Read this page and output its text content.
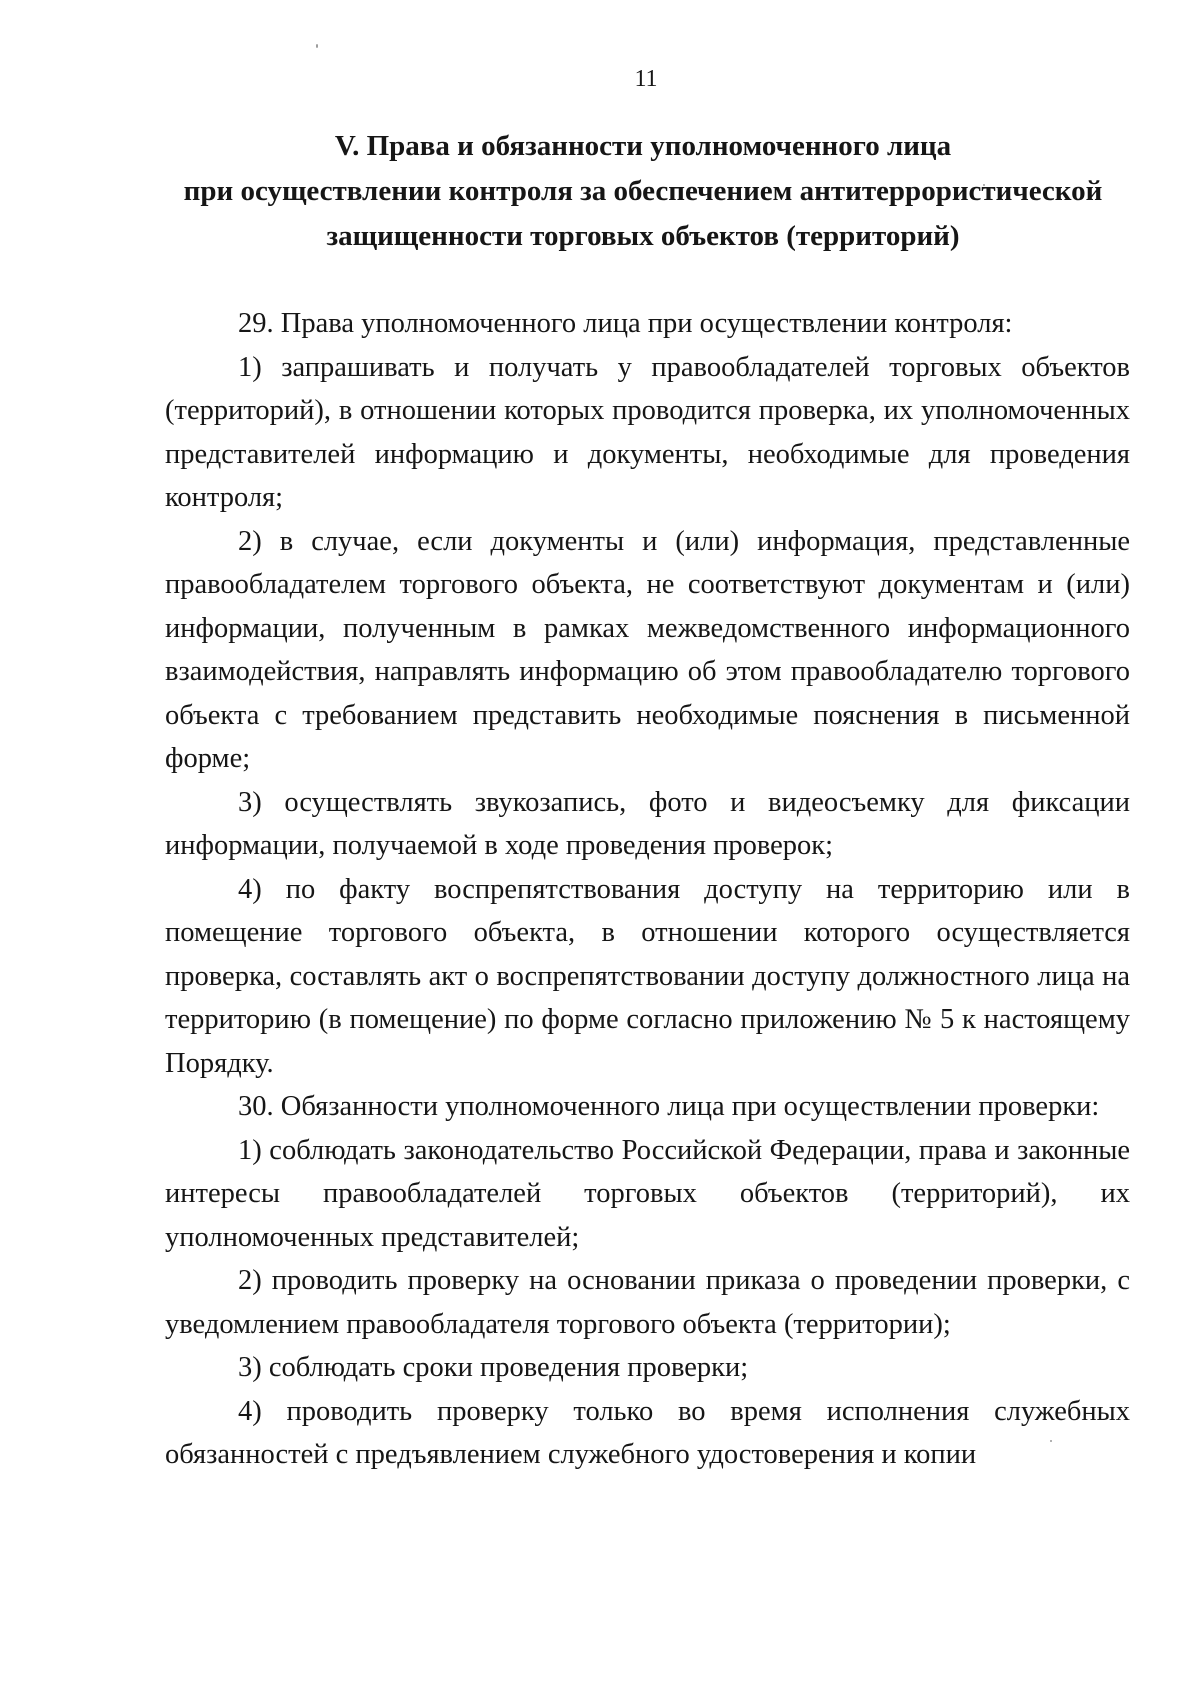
11
V. Права и обязанности уполномоченного лица
при осуществлении контроля за обеспечением антитеррористической
защищенности торговых объектов (территорий)

29. Права уполномоченного лица при осуществлении контроля:

1) запрашивать и получать у правообладателей торговых объектов (территорий), в отношении которых проводится проверка, их уполномоченных представителей информацию и документы, необходимые для проведения контроля;

2) в случае, если документы и (или) информация, представленные правообладателем торгового объекта, не соответствуют документам и (или) информации, полученным в рамках межведомственного информационного взаимодействия, направлять информацию об этом правообладателю торгового объекта с требованием представить необходимые пояснения в письменной форме;

3) осуществлять звукозапись, фото и видеосъемку для фиксации информации, получаемой в ходе проведения проверок;

4) по факту воспрепятствования доступу на территорию или в помещение торгового объекта, в отношении которого осуществляется проверка, составлять акт о воспрепятствовании доступу должностного лица на территорию (в помещение) по форме согласно приложению № 5 к настоящему Порядку.

30. Обязанности уполномоченного лица при осуществлении проверки:

1) соблюдать законодательство Российской Федерации, права и законные интересы правообладателей торговых объектов (территорий), их уполномоченных представителей;

2) проводить проверку на основании приказа о проведении проверки, с уведомлением правообладателя торгового объекта (территории);

3) соблюдать сроки проведения проверки;

4) проводить проверку только во время исполнения служебных обязанностей с предъявлением служебного удостоверения и копии
